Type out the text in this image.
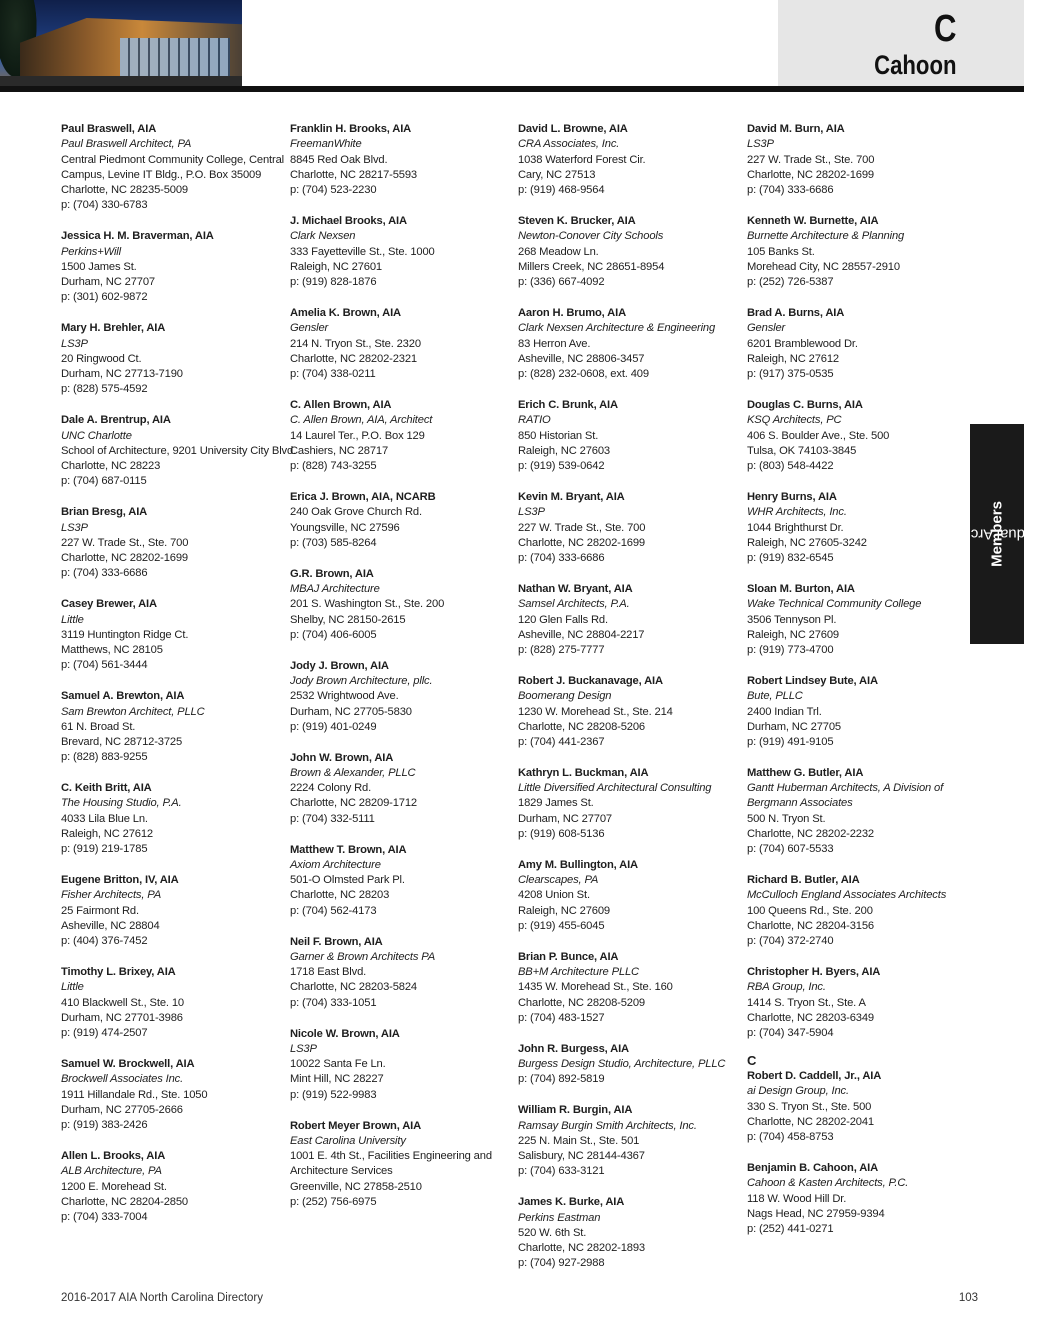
C
Cahoon
Individual Architect
Members
Paul Braswell, AIA
Paul Braswell Architect, PA
Central Piedmont Community College, Central
Campus, Levine IT Bldg., P.O. Box 35009
Charlotte, NC 28235-5009
p: (704) 330-6783
Jessica H. M. Braverman, AIA
Perkins+Will
1500 James St.
Durham, NC 27707
p: (301) 602-9872
Mary H. Brehler, AIA
LS3P
20 Ringwood Ct.
Durham, NC 27713-7190
p: (828) 575-4592
Dale A. Brentrup, AIA
UNC Charlotte
School of Architecture, 9201 University City Blvd.
Charlotte, NC 28223
p: (704) 687-0115
Brian Bresg, AIA
LS3P
227 W. Trade St., Ste. 700
Charlotte, NC 28202-1699
p: (704) 333-6686
Casey Brewer, AIA
Little
3119 Huntington Ridge Ct.
Matthews, NC 28105
p: (704) 561-3444
Samuel A. Brewton, AIA
Sam Brewton Architect, PLLC
61 N. Broad St.
Brevard, NC 28712-3725
p: (828) 883-9255
C. Keith Britt, AIA
The Housing Studio, P.A.
4033 Lila Blue Ln.
Raleigh, NC 27612
p: (919) 219-1785
Eugene Britton, IV, AIA
Fisher Architects, PA
25 Fairmont Rd.
Asheville, NC 28804
p: (404) 376-7452
Timothy L. Brixey, AIA
Little
410 Blackwell St., Ste. 10
Durham, NC 27701-3986
p: (919) 474-2507
Samuel W. Brockwell, AIA
Brockwell Associates Inc.
1911 Hillandale Rd., Ste. 1050
Durham, NC 27705-2666
p: (919) 383-2426
Allen L. Brooks, AIA
ALB Architecture, PA
1200 E. Morehead St.
Charlotte, NC 28204-2850
p: (704) 333-7004
Franklin H. Brooks, AIA
FreemanWhite
8845 Red Oak Blvd.
Charlotte, NC 28217-5593
p: (704) 523-2230
J. Michael Brooks, AIA
Clark Nexsen
333 Fayetteville St., Ste. 1000
Raleigh, NC 27601
p: (919) 828-1876
Amelia K. Brown, AIA
Gensler
214 N. Tryon St., Ste. 2320
Charlotte, NC 28202-2321
p: (704) 338-0211
C. Allen Brown, AIA
C. Allen Brown, AIA, Architect
14 Laurel Ter., P.O. Box 129
Cashiers, NC 28717
p: (828) 743-3255
Erica J. Brown, AIA, NCARB
240 Oak Grove Church Rd.
Youngsville, NC 27596
p: (703) 585-8264
G.R. Brown, AIA
MBAJ Architecture
201 S. Washington St., Ste. 200
Shelby, NC 28150-2615
p: (704) 406-6005
Jody J. Brown, AIA
Jody Brown Architecture, pllc.
2532 Wrightwood Ave.
Durham, NC 27705-5830
p: (919) 401-0249
John W. Brown, AIA
Brown & Alexander, PLLC
2224 Colony Rd.
Charlotte, NC 28209-1712
p: (704) 332-5111
Matthew T. Brown, AIA
Axiom Architecture
501-O Olmsted Park Pl.
Charlotte, NC 28203
p: (704) 562-4173
Neil F. Brown, AIA
Garner & Brown Architects PA
1718 East Blvd.
Charlotte, NC 28203-5824
p: (704) 333-1051
Nicole W. Brown, AIA
LS3P
10022 Santa Fe Ln.
Mint Hill, NC 28227
p: (919) 522-9983
Robert Meyer Brown, AIA
East Carolina University
1001 E. 4th St., Facilities Engineering and
Architecture Services
Greenville, NC 27858-2510
p: (252) 756-6975
David L. Browne, AIA
CRA Associates, Inc.
1038 Waterford Forest Cir.
Cary, NC 27513
p: (919) 468-9564
Steven K. Brucker, AIA
Newton-Conover City Schools
268 Meadow Ln.
Millers Creek, NC 28651-8954
p: (336) 667-4092
Aaron H. Brumo, AIA
Clark Nexsen Architecture & Engineering
83 Herron Ave.
Asheville, NC 28806-3457
p: (828) 232-0608, ext. 409
Erich C. Brunk, AIA
RATIO
850 Historian St.
Raleigh, NC 27603
p: (919) 539-0642
Kevin M. Bryant, AIA
LS3P
227 W. Trade St., Ste. 700
Charlotte, NC 28202-1699
p: (704) 333-6686
Nathan W. Bryant, AIA
Samsel Architects, P.A.
120 Glen Falls Rd.
Asheville, NC 28804-2217
p: (828) 275-7777
Robert J. Buckanavage, AIA
Boomerang Design
1230 W. Morehead St., Ste. 214
Charlotte, NC 28208-5206
p: (704) 441-2367
Kathryn L. Buckman, AIA
Little Diversified Architectural Consulting
1829 James St.
Durham, NC 27707
p: (919) 608-5136
Amy M. Bullington, AIA
Clearscapes, PA
4208 Union St.
Raleigh, NC 27609
p: (919) 455-6045
Brian P. Bunce, AIA
BB+M Architecture PLLC
1435 W. Morehead St., Ste. 160
Charlotte, NC 28208-5209
p: (704) 483-1527
John R. Burgess, AIA
Burgess Design Studio, Architecture, PLLC
p: (704) 892-5819
William R. Burgin, AIA
Ramsay Burgin Smith Architects, Inc.
225 N. Main St., Ste. 501
Salisbury, NC 28144-4367
p: (704) 633-3121
James K. Burke, AIA
Perkins Eastman
520 W. 6th St.
Charlotte, NC 28202-1893
p: (704) 927-2988
David M. Burn, AIA
LS3P
227 W. Trade St., Ste. 700
Charlotte, NC 28202-1699
p: (704) 333-6686
Kenneth W. Burnette, AIA
Burnette Architecture & Planning
105 Banks St.
Morehead City, NC 28557-2910
p: (252) 726-5387
Brad A. Burns, AIA
Gensler
6201 Bramblewood Dr.
Raleigh, NC 27612
p: (917) 375-0535
Douglas C. Burns, AIA
KSQ Architects, PC
406 S. Boulder Ave., Ste. 500
Tulsa, OK 74103-3845
p: (803) 548-4422
Henry Burns, AIA
WHR Architects, Inc.
1044 Brighthurst Dr.
Raleigh, NC 27605-3242
p: (919) 832-6545
Sloan M. Burton, AIA
Wake Technical Community College
3506 Tennyson Pl.
Raleigh, NC 27609
p: (919) 773-4700
Robert Lindsey Bute, AIA
Bute, PLLC
2400 Indian Trl.
Durham, NC 27705
p: (919) 491-9105
Matthew G. Butler, AIA
Gantt Huberman Architects, A Division of
Bergmann Associates
500 N. Tryon St.
Charlotte, NC 28202-2232
p: (704) 607-5533
Richard B. Butler, AIA
McCulloch England Associates Architects
100 Queens Rd., Ste. 200
Charlotte, NC 28204-3156
p: (704) 372-2740
Christopher H. Byers, AIA
RBA Group, Inc.
1414 S. Tryon St., Ste. A
Charlotte, NC 28203-6349
p: (704) 347-5904
C
Robert D. Caddell, Jr., AIA
ai Design Group, Inc.
330 S. Tryon St., Ste. 500
Charlotte, NC 28202-2041
p: (704) 458-8753
Benjamin B. Cahoon, AIA
Cahoon & Kasten Architects, P.C.
118 W. Wood Hill Dr.
Nags Head, NC 27959-9394
p: (252) 441-0271
2016-2017 AIA North Carolina Directory	103
